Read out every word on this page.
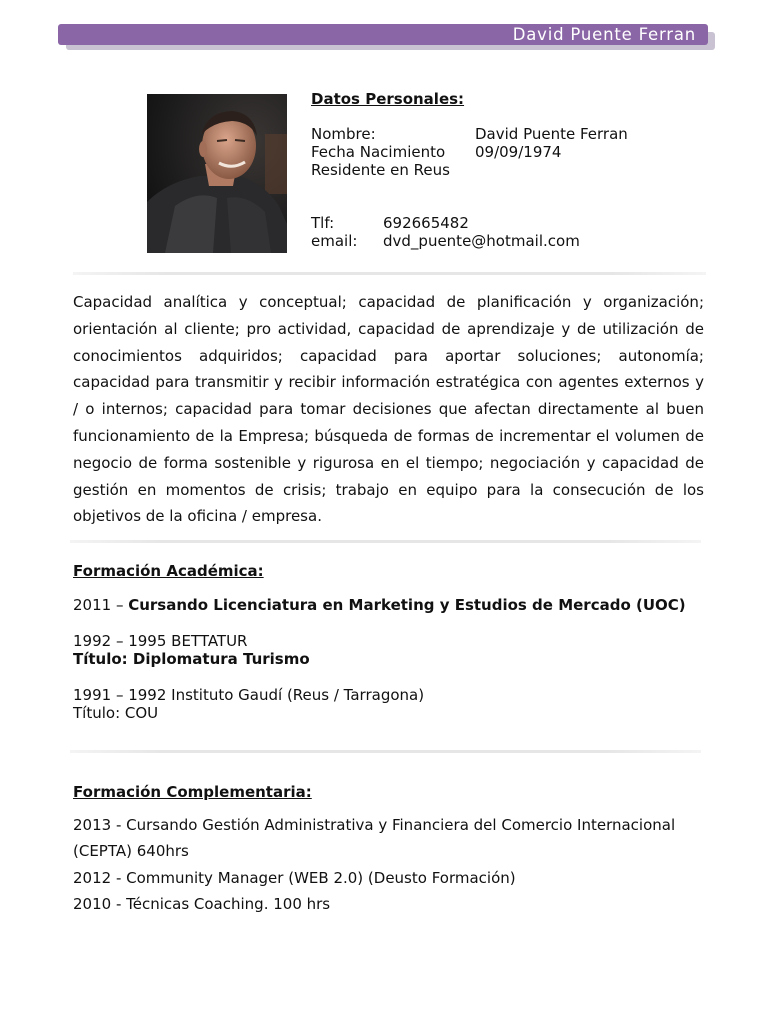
David Puente Ferran
Datos Personales:
Nombre:	David Puente Ferran
Fecha Nacimiento 09/09/1974
Residente en Reus
Tlf:	692665482
email: dvd_puente@hotmail.com
Capacidad analítica y conceptual; capacidad de planificación y organización; orientación al cliente; pro actividad, capacidad de aprendizaje y de utilización de conocimientos adquiridos; capacidad para aportar soluciones; autonomía; capacidad para transmitir y recibir información estratégica con agentes externos y / o internos; capacidad para tomar decisiones que afectan directamente al buen funcionamiento de la Empresa; búsqueda de formas de incrementar el volumen de negocio de forma sostenible y rigurosa en el tiempo; negociación y capacidad de gestión en momentos de crisis; trabajo en equipo para la consecución de los objetivos de la oficina / empresa.
Formación Académica:
2011 – Cursando Licenciatura en Marketing y Estudios de Mercado (UOC)
1992 – 1995 BETTATUR
Título: Diplomatura Turismo
1991 – 1992 Instituto Gaudí (Reus / Tarragona)
Título: COU
Formación Complementaria:
2013 - Cursando Gestión Administrativa y Financiera del Comercio Internacional
(CEPTA) 640hrs
2012 - Community Manager (WEB 2.0) (Deusto Formación)
2010 - Técnicas Coaching. 100 hrs
